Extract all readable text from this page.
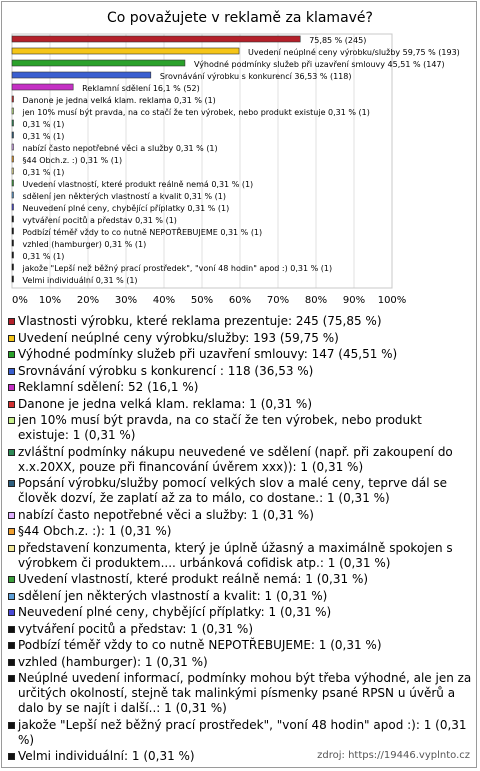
Co považujete v reklamě za klamavé?
75,85 % (245)
Uvedení neúplné ceny výrobku/služby 59,75 % (193)
Výhodné podmínky služeb při uzavření smlouvy 45,51 % (147)
Srovnávání výrobku s konkurencí 36,53 % (118)
Reklamní sdělení 16,1 % (52)
Danone je jedna velká klam. reklama 0,31 % (1)
jen 10% musí být pravda, na co stačí že ten výrobek, nebo produkt existuje 0,31 % (1)
0,31 % (1)
0,31 % (1)
nabízí často nepotřebné věci a služby 0,31 % (1)
§44 Obch.z. :) 0,31 % (1)
0,31 % (1)
Uvedení vlastností, které produkt reálně nemá 0,31 % (1)
sdělení jen některých vlastností a kvalit 0,31 % (1)
Neuvedení plné ceny, chybějící příplatky 0,31 % (1)
vytváření pocitů a představ 0,31 % (1)
Podbízí téměř vždy to co nutně NEPOTŘEBUJEME 0,31 % (1)
vzhled (hamburger) 0,31 % (1)
0,31 % (1)
jakože "Lepší než běžný prací prostředek", "voní 48 hodin" apod :) 0,31 % (1)
Velmi individuální 0,31 % (1)
0% 10% 20% 30% 40% 50% 60% 70% 80% 90% 100%
Vlastnosti výrobku, které reklama prezentuje: 245 (75,85 %)
Uvedení neúplné ceny výrobku/služby: 193 (59,75 %)
Výhodné podmínky služeb při uzavření smlouvy: 147 (45,51 %)
Srovnávání výrobku s konkurencí : 118 (36,53 %)
Reklamní sdělení: 52 (16,1 %)
Danone je jedna velká klam. reklama: 1 (0,31 %)
jen 10% musí být pravda, na co stačí že ten výrobek, nebo produkt existuje: 1 (0,31 %)
zvláštní podmínky nákupu neuvedené ve sdělení (např. při zakoupení do x.x.20XX, pouze při financování úvěrem xxx)): 1 (0,31 %)
Popsání výrobku/služby pomocí velkých slov a malé ceny, teprve dál se člověk dozví, že zaplatí až za to málo, co dostane.: 1 (0,31 %)
nabízí často nepotřebné věci a služby: 1 (0,31 %)
§44 Obch.z. :): 1 (0,31 %)
představení konzumenta, který je úplně úžasný a maximálně spokojen s výrobkem či produktem.... urbánková cofidisk atp.: 1 (0,31 %)
Uvedení vlastností, které produkt reálně nemá: 1 (0,31 %)
sdělení jen některých vlastností a kvalit: 1 (0,31 %)
Neuvedení plné ceny, chybějící příplatky: 1 (0,31 %)
vytváření pocitů a představ: 1 (0,31 %)
Podbízí téměř vždy to co nutně NEPOTŘEBUJEME: 1 (0,31 %)
vzhled (hamburger): 1 (0,31 %)
Neúplné uvedení informací, podmínky mohou být třeba výhodné, ale jen za určitých okolností, stejně tak malinkými písmenky psané RPSN u úvěrů a dalo by se najít i další..: 1 (0,31 %)
jakože "Lepší než běžný prací prostředek", "voní 48 hodin" apod :): 1 (0,31 %)
Velmi individuální: 1 (0,31 %)	zdroj: https://19446.vyplnto.cz
